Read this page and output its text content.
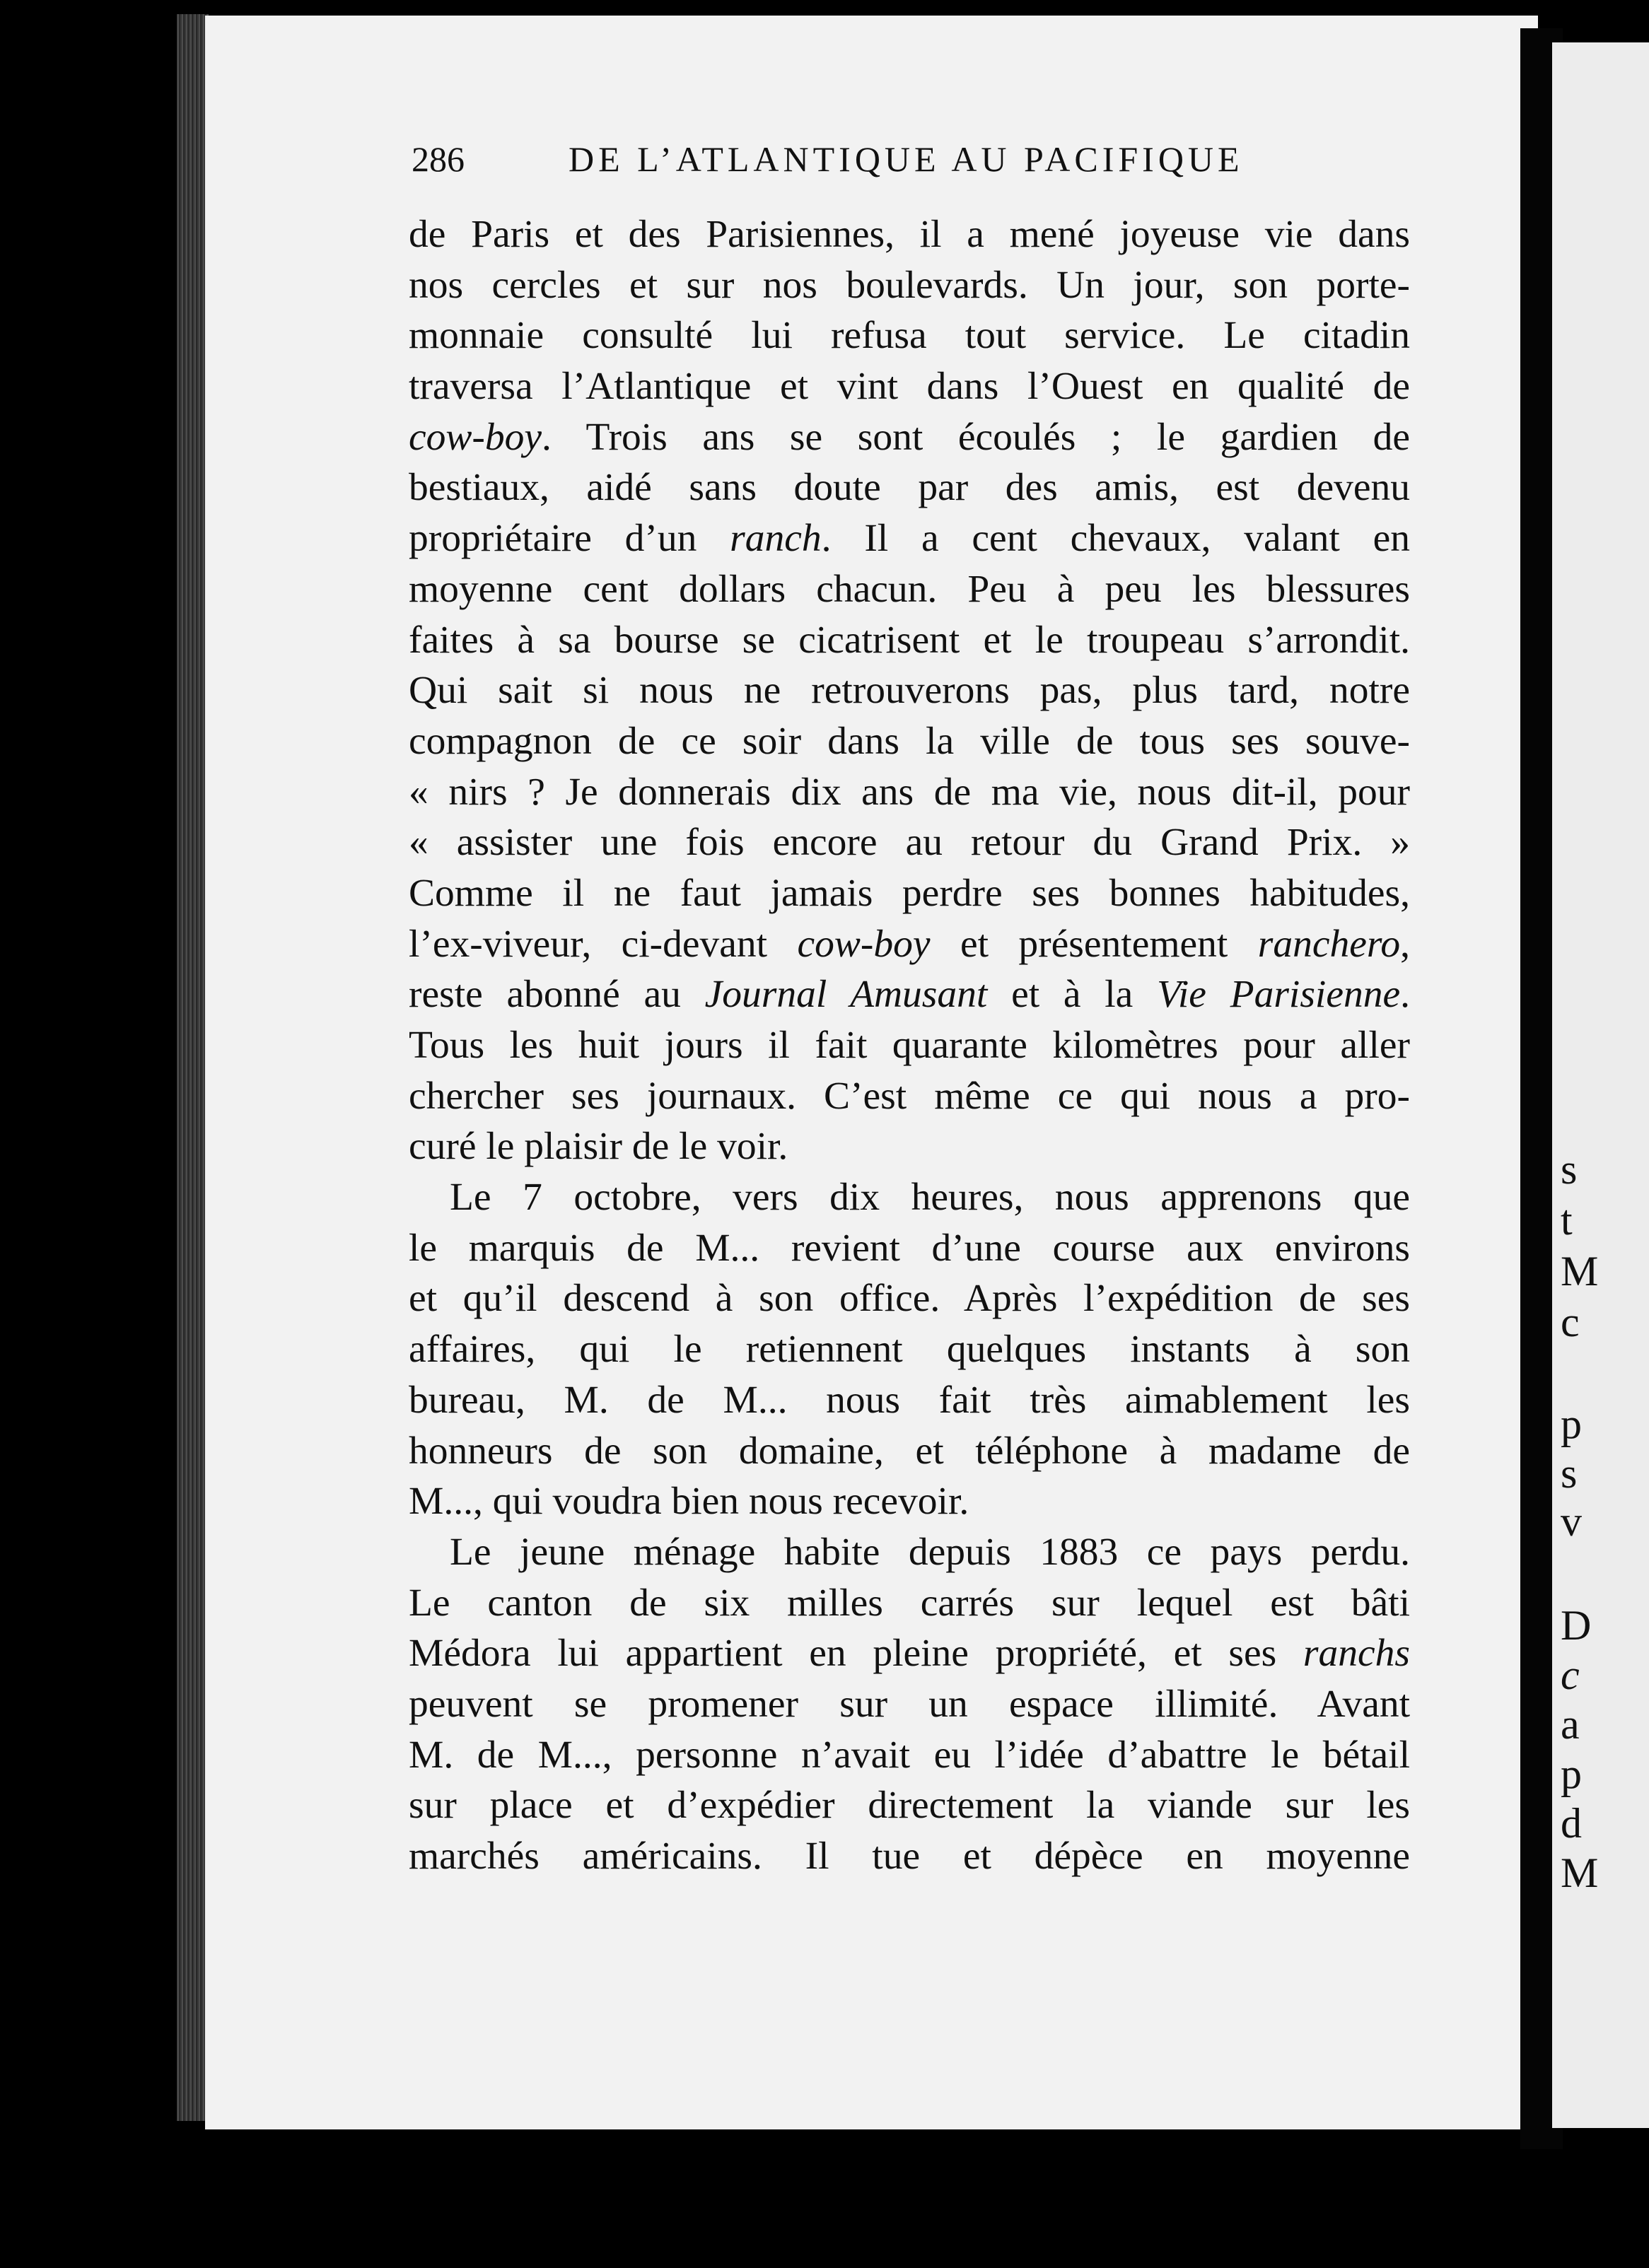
s
t
M
c
p
s
v
D
c
a
p
d
M
286	DE L’ATLANTIQUE AU PACIFIQUE
de Paris et des Parisiennes, il a mené joyeuse vie dans
nos cercles et sur nos boulevards. Un jour, son porte-
monnaie consulté lui refusa tout service. Le citadin
traversa l’Atlantique et vint dans l’Ouest en qualité de
cow-boy. Trois ans se sont écoulés ; le gardien de
bestiaux, aidé sans doute par des amis, est devenu
propriétaire d’un ranch. Il a cent chevaux, valant en
moyenne cent dollars chacun. Peu à peu les blessures
faites à sa bourse se cicatrisent et le troupeau s’arrondit.
Qui sait si nous ne retrouverons pas, plus tard, notre
compagnon de ce soir dans la ville de tous ses souve-
« nirs ? Je donnerais dix ans de ma vie, nous dit-il, pour
« assister une fois encore au retour du Grand Prix. »
Comme il ne faut jamais perdre ses bonnes habitudes,
l’ex-viveur, ci-devant cow-boy et présentement ranchero,
reste abonné au Journal Amusant et à la Vie Parisienne.
Tous les huit jours il fait quarante kilomètres pour aller
chercher ses journaux. C’est même ce qui nous a pro-
curé le plaisir de le voir.
Le 7 octobre, vers dix heures, nous apprenons que
le marquis de M... revient d’une course aux environs
et qu’il descend à son office. Après l’expédition de ses
affaires, qui le retiennent quelques instants à son
bureau, M. de M... nous fait très aimablement les
honneurs de son domaine, et téléphone à madame de
M..., qui voudra bien nous recevoir.
Le jeune ménage habite depuis 1883 ce pays perdu.
Le canton de six milles carrés sur lequel est bâti
Médora lui appartient en pleine propriété, et ses ranchs
peuvent se promener sur un espace illimité. Avant
M. de M..., personne n’avait eu l’idée d’abattre le bétail
sur place et d’expédier directement la viande sur les
marchés américains. Il tue et dépèce en moyenne
